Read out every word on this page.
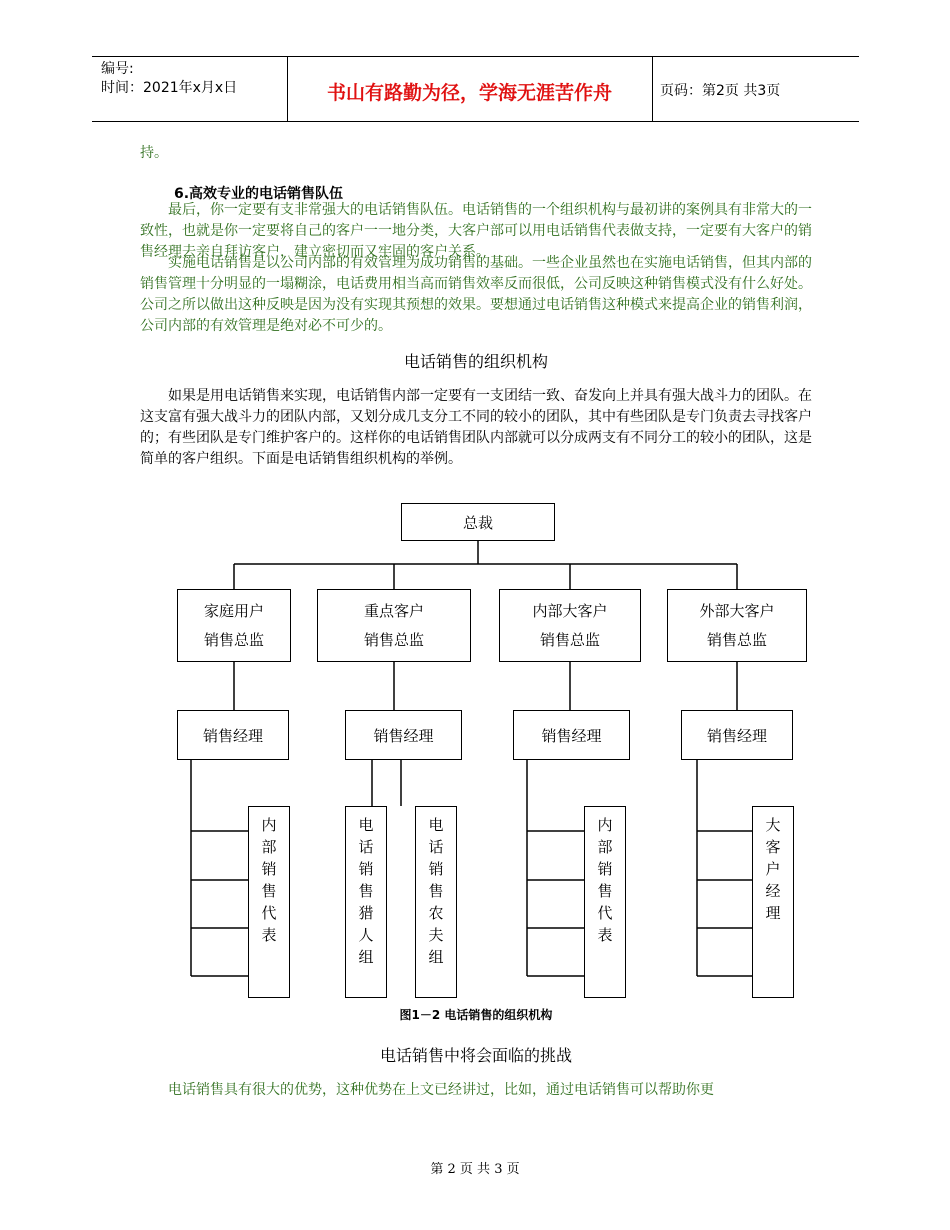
编号:
时间：2021年x月x日	书山有路勤为径，学海无涯苦作舟	页码：第2页 共3页
持。
6.高效专业的电话销售队伍
最后，你一定要有支非常强大的电话销售队伍。电话销售的一个组织机构与最初讲的案例具有非常大的一致性，也就是你一定要将自己的客户一一地分类，大客户部可以用电话销售代表做支持，一定要有大客户的销售经理去亲自拜访客户，建立密切而又牢固的客户关系。
实施电话销售是以公司内部的有效管理为成功销售的基础。一些企业虽然也在实施电话销售，但其内部的销售管理十分明显的一塌糊涂，电话费用相当高而销售效率反而很低，公司反映这种销售模式没有什么好处。公司之所以做出这种反映是因为没有实现其预想的效果。要想通过电话销售这种模式来提高企业的销售利润，公司内部的有效管理是绝对必不可少的。
电话销售的组织机构
如果是用电话销售来实现，电话销售内部一定要有一支团结一致、奋发向上并具有强大战斗力的团队。在这支富有强大战斗力的团队内部，又划分成几支分工不同的较小的团队，其中有些团队是专门负责去寻找客户的；有些团队是专门维护客户的。这样你的电话销售团队内部就可以分成两支有不同分工的较小的团队，这是简单的客户组织。下面是电话销售组织机构的举例。
总裁
家庭用户
销售总监
重点客户
销售总监
内部大客户
销售总监
外部大客户
销售总监
销售经理	销售经理	销售经理	销售经理
内部销售代表	电话销售猎人组	电话销售农夫组	内部销售代表	大客户经理
图1－2 电话销售的组织机构
电话销售中将会面临的挑战
电话销售具有很大的优势，这种优势在上文已经讲过，比如，通过电话销售可以帮助你更
第 2 页 共 3 页
